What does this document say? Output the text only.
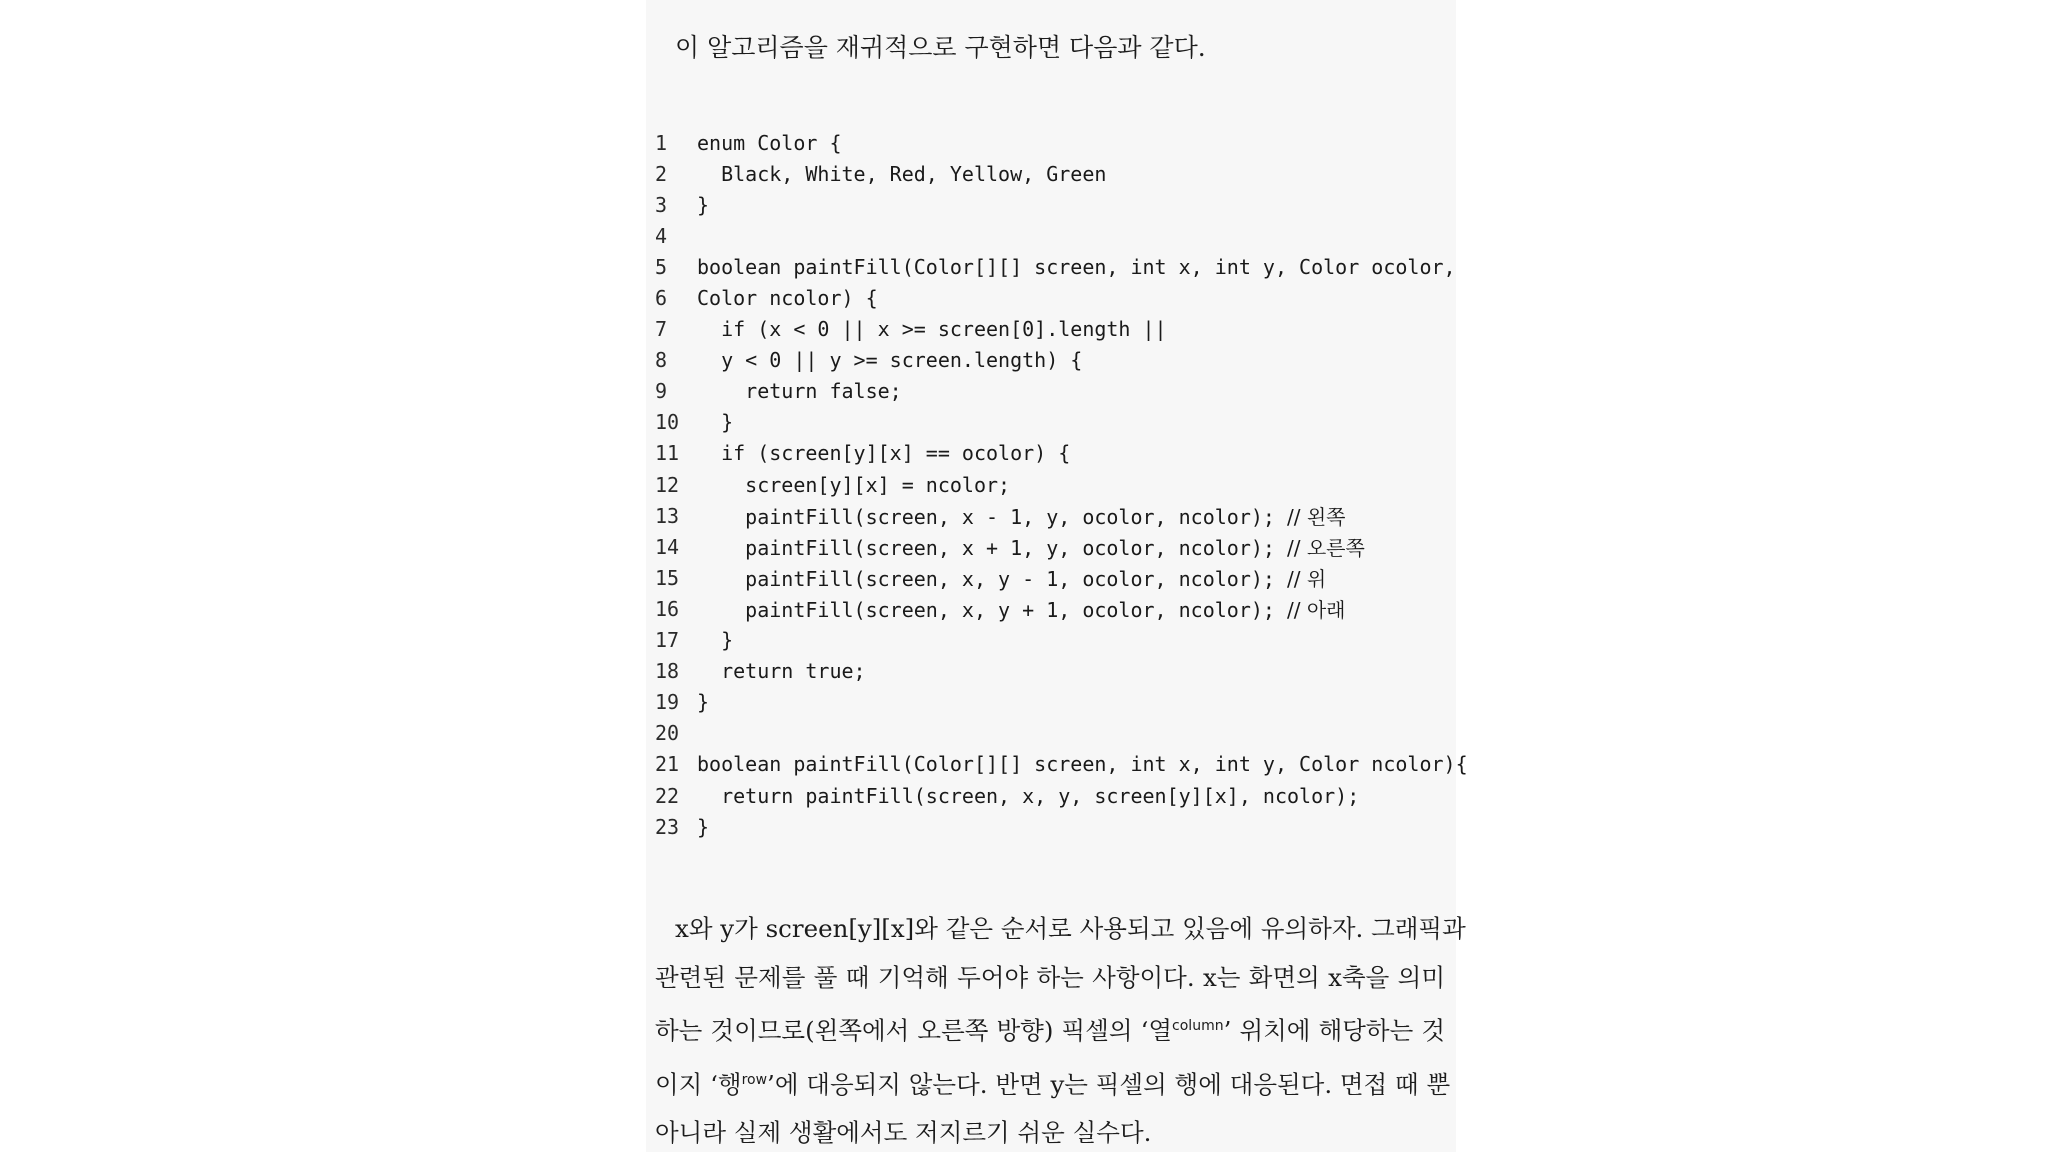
이 알고리즘을 재귀적으로 구현하면 다음과 같다.

1	enum Color {
2	Black, White, Red, Yellow, Green
3	}
4
5	boolean paintFill(Color[][] screen, int x, int y, Color ocolor,
6	Color ncolor) {
7	if (x < 0 || x >= screen[0].length ||
8	y < 0 || y >= screen.length) {
9	return false;
10 }
11 if (screen[y][x] == ocolor) {
12 screen[y][x] = ncolor;
13 paintFill(screen, x - 1, y, ocolor, ncolor); // 왼쪽
14 paintFill(screen, x + 1, y, ocolor, ncolor); // 오른쪽
15 paintFill(screen, x, y - 1, ocolor, ncolor); // 위
16 paintFill(screen, x, y + 1, ocolor, ncolor); // 아래
17 }
18 return true;
19 }
20
21 boolean paintFill(Color[][] screen, int x, int y, Color ncolor){
22 return paintFill(screen, x, y, screen[y][x], ncolor);
23 }
x와 y가 screen[y][x]와 같은 순서로 사용되고 있음에 유의하자. 그래픽과
관련된 문제를 풀 때 기억해 두어야 하는 사항이다. x는 화면의 x축을 의미
하는 것이므로(왼쪽에서 오른쪽 방향) 픽셀의 ‘열$^{column}$’ 위치에 해당하는 것
이지 ‘행$^{row}$’에 대응되지 않는다. 반면 y는 픽셀의 행에 대응된다. 면접 때 뿐
아니라 실제 생활에서도 저지르기 쉬운 실수다.
